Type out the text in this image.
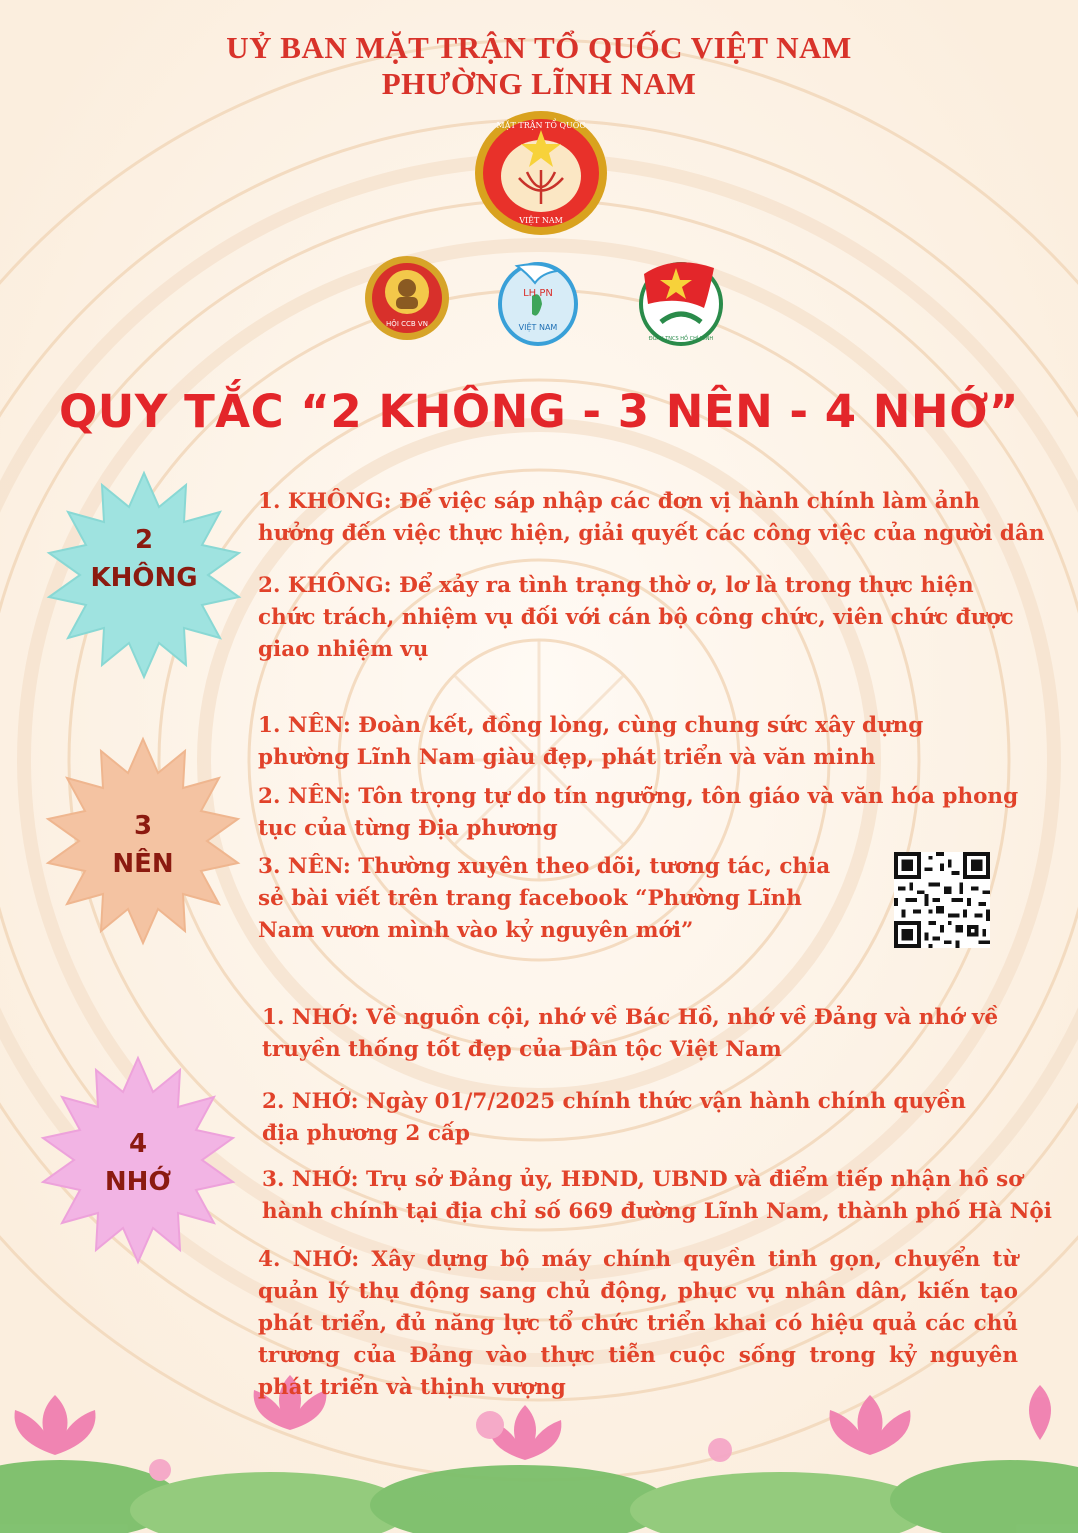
UỶ BAN MẶT TRẬN TỔ QUỐC VIỆT NAM
PHƯỜNG LĨNH NAM
MẶT TRẬN TỔ QUỐC
VIỆT NAM
HỘI CCB VN
LH PN
VIỆT NAM
ĐOÀN TNCS HỒ CHÍ MINH
QUY TẮC “2 KHÔNG - 3 NÊN - 4 NHỚ”
2
KHÔNG
3
NÊN
4
NHỚ
1. KHÔNG: Để việc sáp nhập các đơn vị hành chính làm ảnh hưởng đến việc thực hiện, giải quyết các công việc của người dân
2. KHÔNG: Để xảy ra tình trạng thờ ơ, lơ là trong thực hiện chức trách, nhiệm vụ đối với cán bộ công chức, viên chức được giao nhiệm vụ
1. NÊN: Đoàn kết, đồng lòng, cùng chung sức xây dựng phường Lĩnh Nam giàu đẹp, phát triển và văn minh
2. NÊN: Tôn trọng tự do tín ngưỡng, tôn giáo và văn hóa phong tục của từng Địa phương
3. NÊN: Thường xuyên theo dõi, tương tác, chia sẻ bài viết trên trang facebook “Phường Lĩnh Nam vươn mình vào kỷ nguyên mới”
1. NHỚ: Về nguồn cội, nhớ về Bác Hồ, nhớ về Đảng và nhớ về truyền thống tốt đẹp của Dân tộc Việt Nam
2. NHỚ: Ngày 01/7/2025 chính thức vận hành chính quyền địa phương 2 cấp
3. NHỚ: Trụ sở Đảng ủy, HĐND, UBND và điểm tiếp nhận hồ sơ hành chính tại địa chỉ số 669 đường Lĩnh Nam, thành phố Hà Nội
4. NHỚ: Xây dựng bộ máy chính quyền tinh gọn, chuyển từ quản lý thụ động sang chủ động, phục vụ nhân dân, kiến tạo phát triển, đủ năng lực tổ chức triển khai có hiệu quả các chủ trương của Đảng vào thực tiễn cuộc sống trong kỷ nguyên phát triển và thịnh vượng
